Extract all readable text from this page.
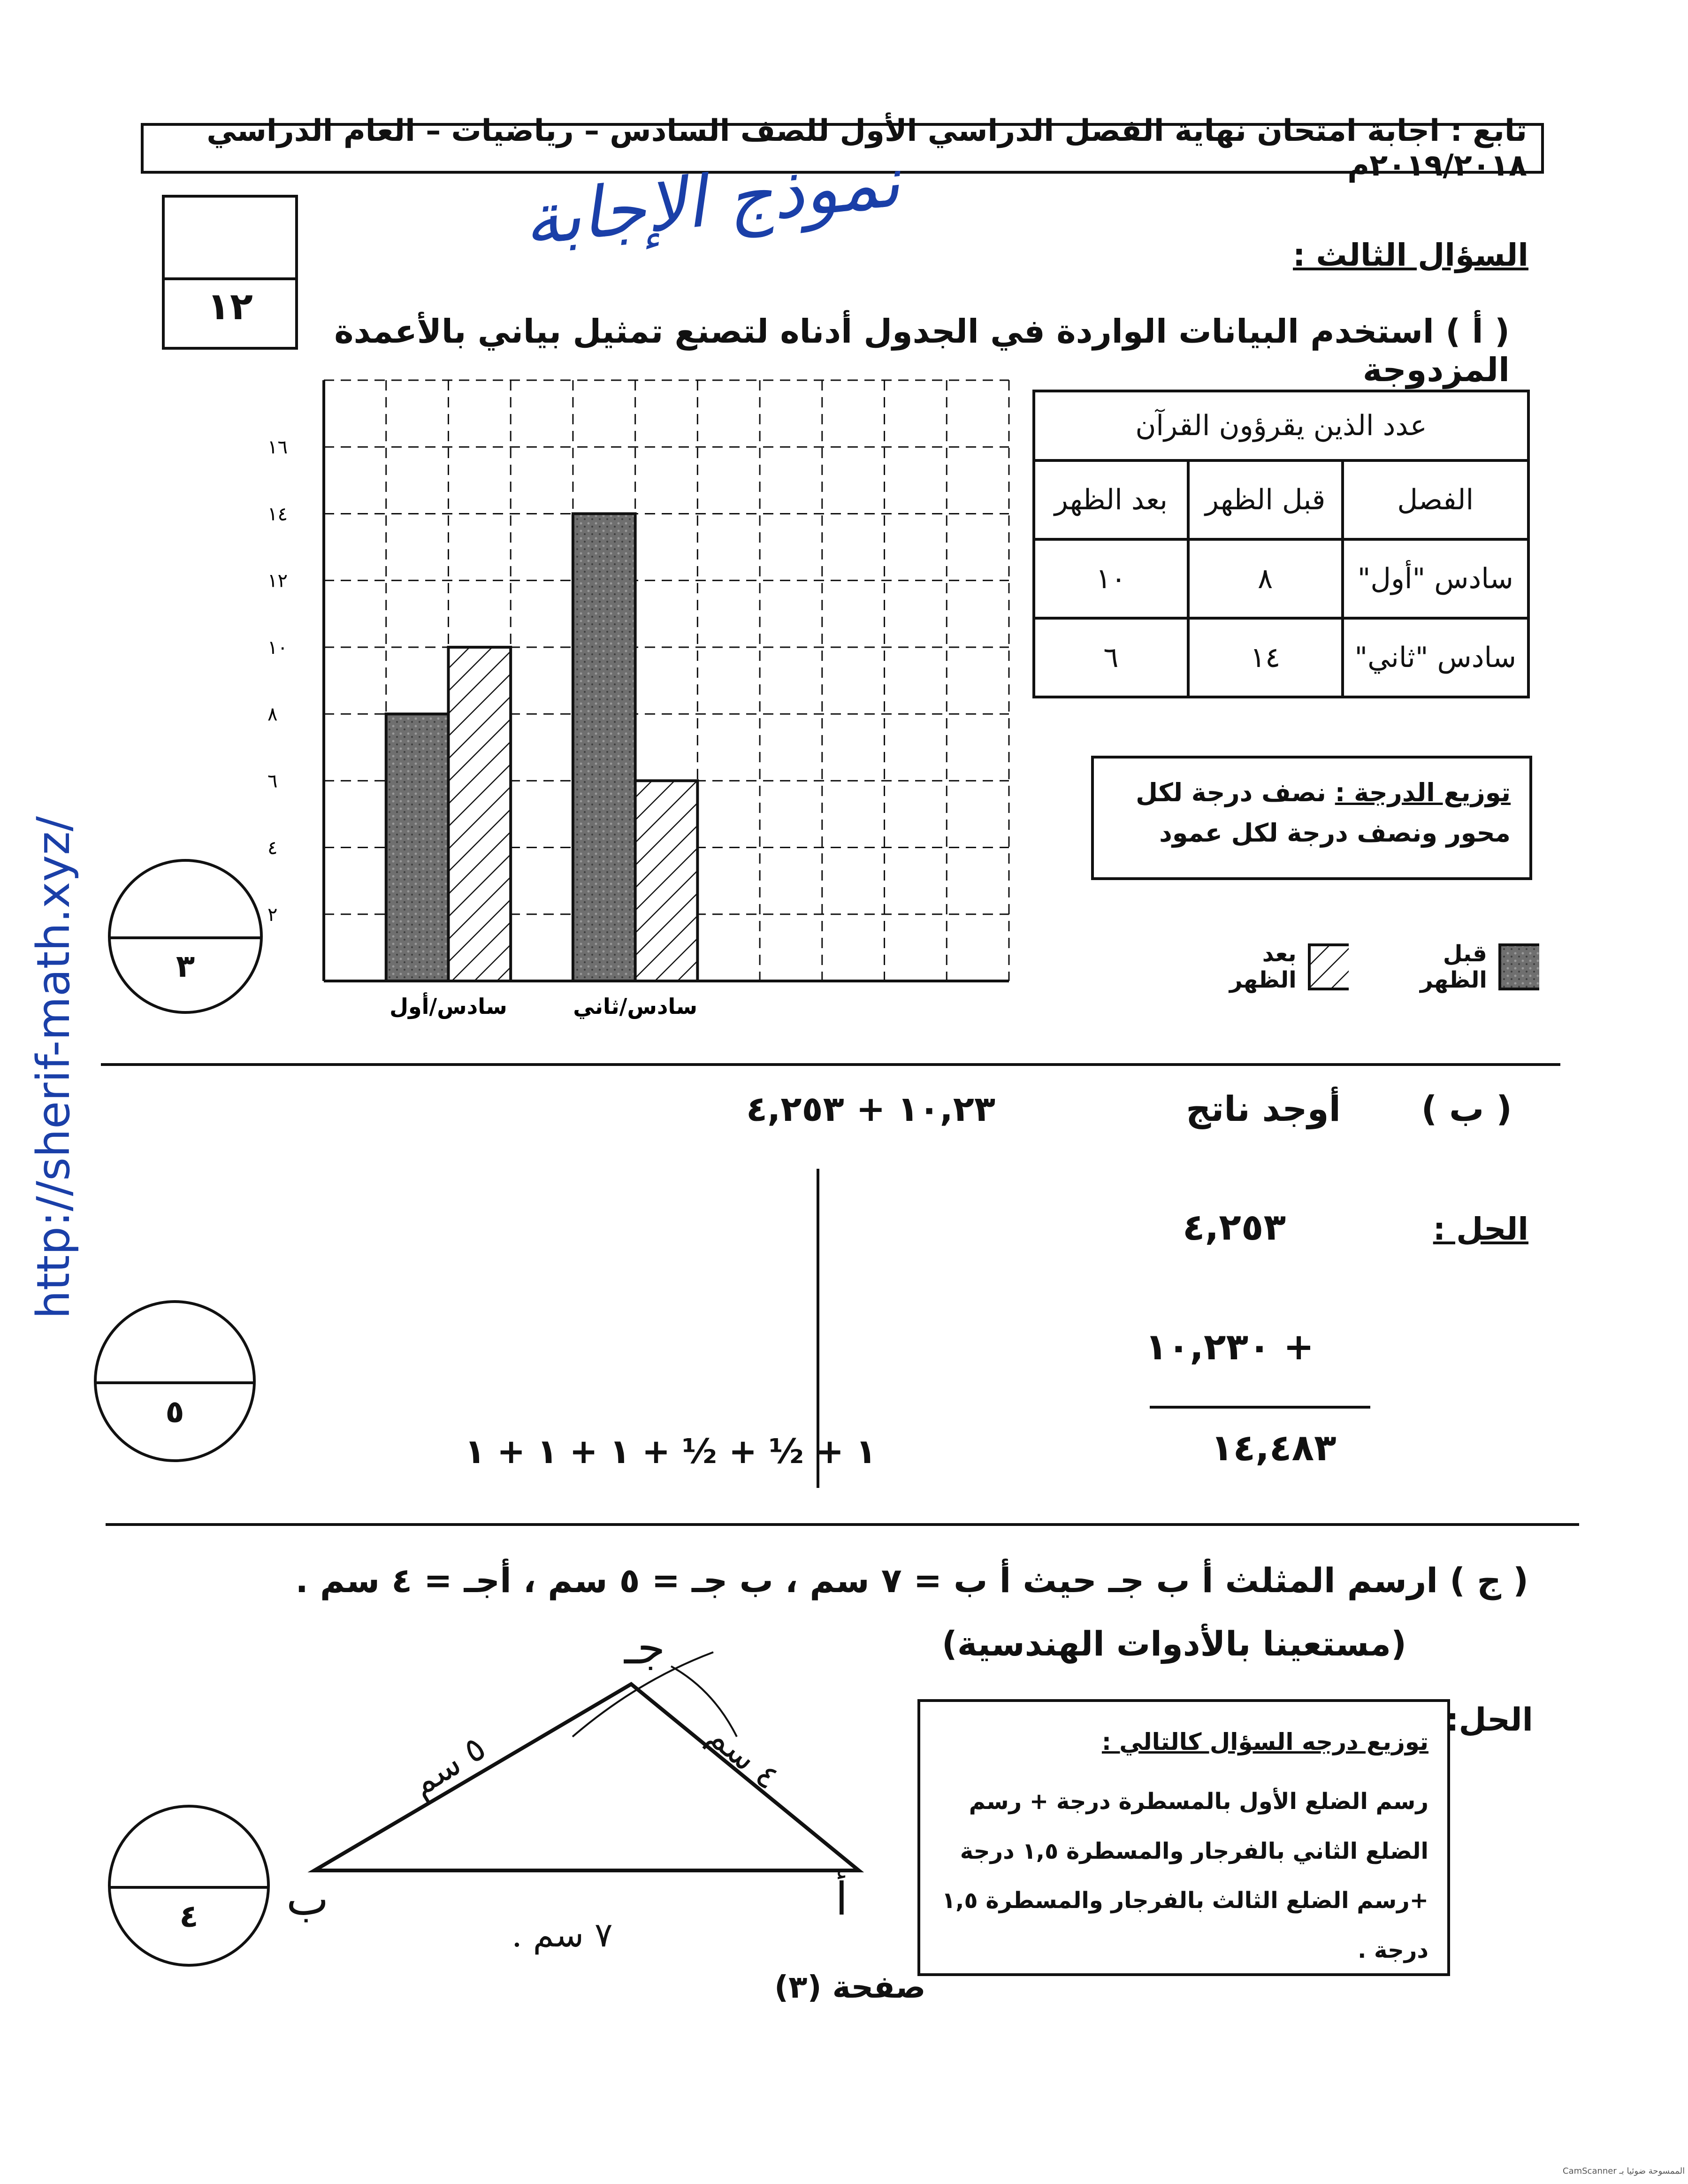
تابع : اجابة امتحان نهاية الفصل الدراسي الأول للصف السادس – رياضيات – العام الدراسي ٢٠١٩/٢٠١٨م
١٢
نموذج الإجابة	السؤال الثالث :
( أ ) استخدم البيانات الواردة في الجدول أدناه لتصنع تمثيل بياني بالأعمدة المزدوجة
٢
٤
٦
٨
١٠
١٢
١٤
١٦
سادس/أول	سادس/ثاني
عدد الذين يقرؤون القرآن		
الفصل	قبل الظهر	بعد الظهر
سادس "أول"	٨	١٠
سادس "ثاني"	١٤	٦
توزيع الدرجة : نصف درجة لكل
محور ونصف درجة لكل عمود
قبل الظهر
بعد الظهر
٣
http://sherif-math.xyz/	( ب )
أوجد ناتج
١٠,٢٣ + ٤,٢٥٣
الحل :
٤,٢٥٣
+ ١٠,٢٣٠
١٤,٤٨٣
١ + ½ + ½ + ١ + ١ + ١
٥
( ج ) ارسم المثلث أ ب جـ حيث أ ب = ٧ سم ، ب جـ = ٥ سم ، أجـ = ٤ سم .
(مستعينا بالأدوات الهندسية)
الحل:
توزيع درجه السؤال كالتالي :
رسم الضلع الأول بالمسطرة درجة + رسم الضلع الثاني بالفرجار والمسطرة ١,٥ درجة +رسم الضلع الثالث بالفرجار والمسطرة ١,٥ درجة .
جـ
ب	أ
٧ سم .
٥ سم	٤ سم
٤
صفحة (٣)
CamScanner الممسوحة ضوئيا بـ
